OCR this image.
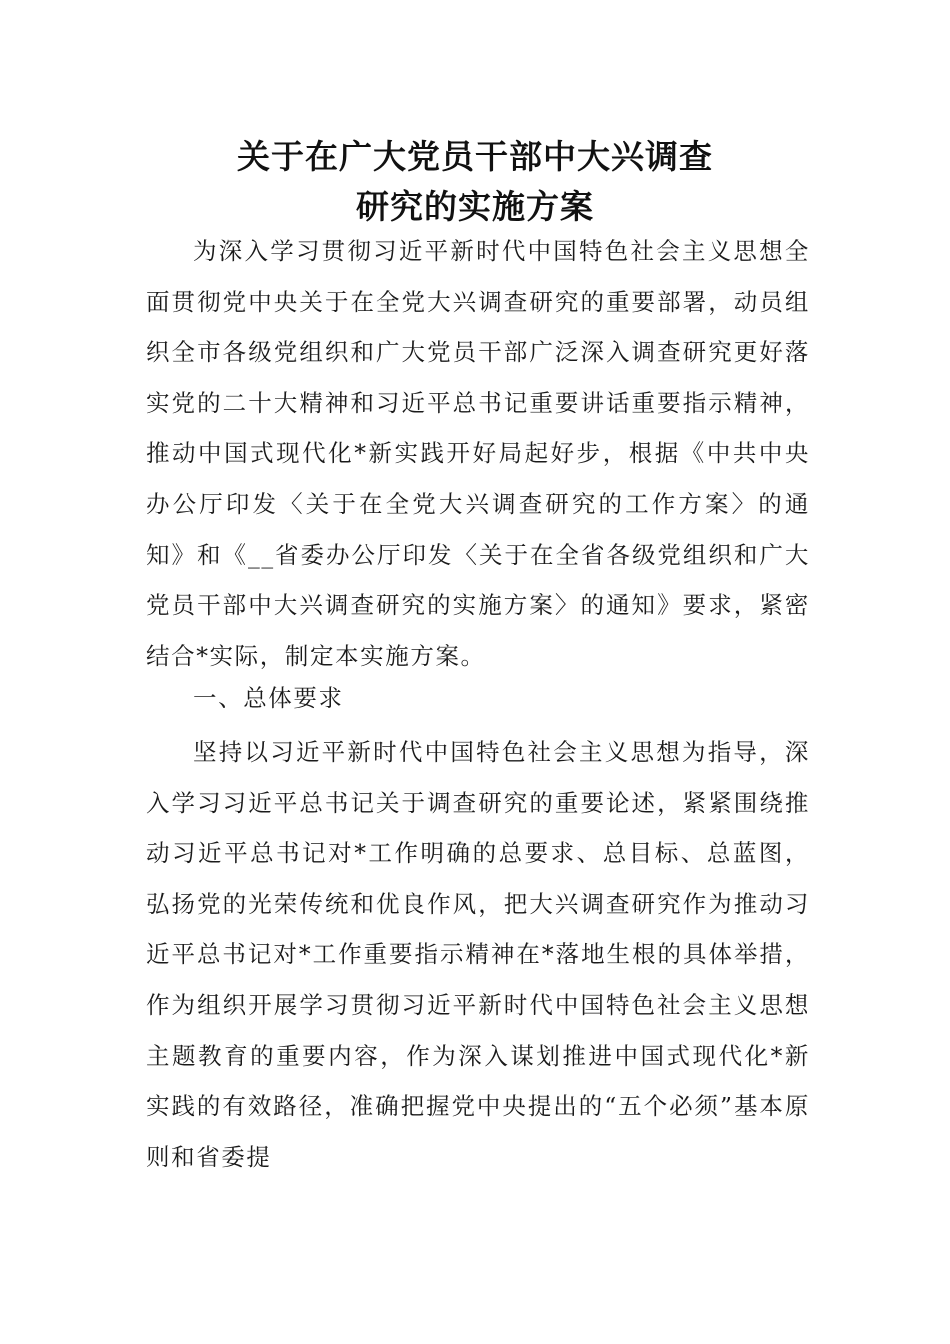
关于在广大党员干部中大兴调查
研究的实施方案

为深入学习贯彻习近平新时代中国特色社会主义思想全面贯彻党中央关于在全党大兴调查研究的重要部署，动员组织全市各级党组织和广大党员干部广泛深入调查研究更好落实党的二十大精神和习近平总书记重要讲话重要指示精神，推动中国式现代化*新实践开好局起好步，根据《中共中央办公厅印发〈关于在全党大兴调查研究的工作方案〉的通知》和《__省委办公厅印发〈关于在全省各级党组织和广大党员干部中大兴调查研究的实施方案〉的通知》要求，紧密结合*实际，制定本实施方案。

一、总体要求

坚持以习近平新时代中国特色社会主义思想为指导，深入学习习近平总书记关于调查研究的重要论述，紧紧围绕推动习近平总书记对*工作明确的总要求、总目标、总蓝图，弘扬党的光荣传统和优良作风，把大兴调查研究作为推动习近平总书记对*工作重要指示精神在*落地生根的具体举措，作为组织开展学习贯彻习近平新时代中国特色社会主义思想主题教育的重要内容，作为深入谋划推进中国式现代化*新实践的有效路径，准确把握党中央提出的“五个必须”基本原则和省委提
